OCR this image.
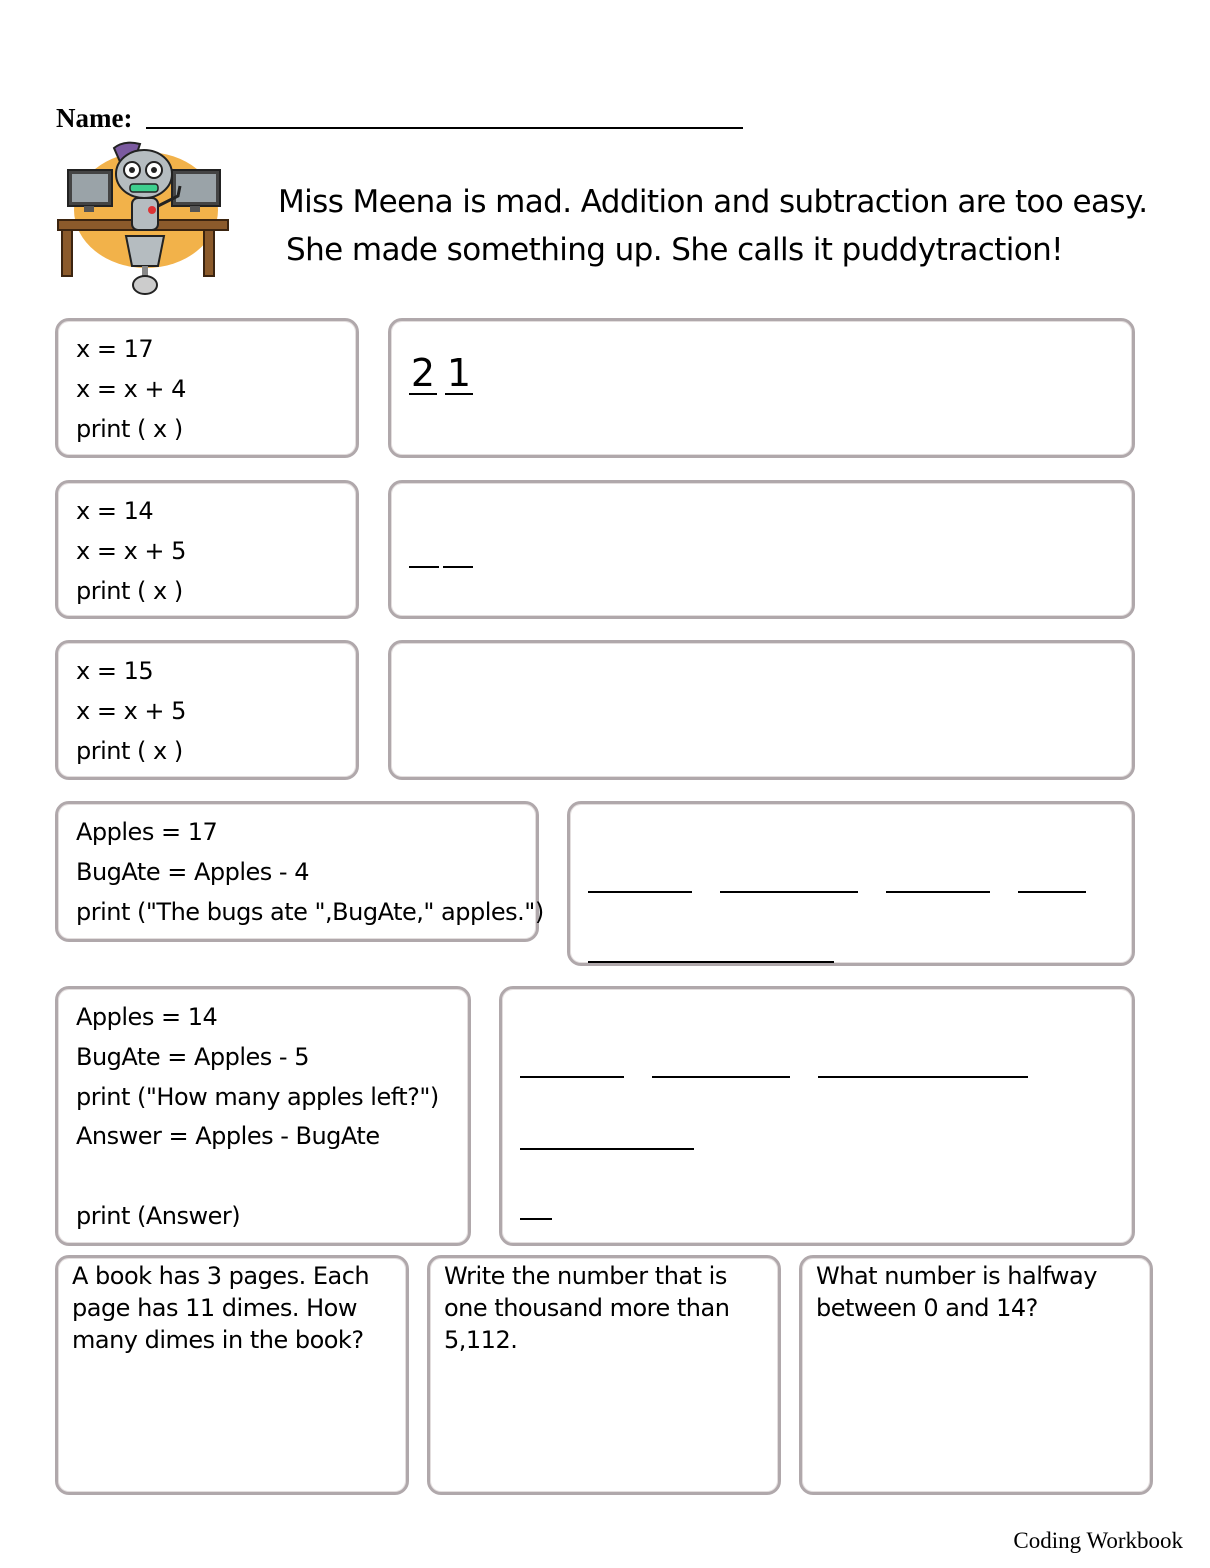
Name:
Miss Meena is mad. Addition and subtraction are too easy.
She made something up. She calls it puddytraction!
x = 17
x = x + 4
print ( x )
2 1
x = 14
x = x + 5
print ( x )
x = 15
x = x + 5
print ( x )
Apples = 17
BugAte = Apples - 4
print ("The bugs ate ",BugAte," apples.")
Apples = 14
BugAte = Apples - 5
print ("How many apples left?")
Answer = Apples - BugAte
print (Answer)
A book has 3 pages. Each page has 11 dimes. How many dimes in the book?
Write the number that is one thousand more than 5,112.
What number is halfway between 0 and 14?
Coding Workbook
